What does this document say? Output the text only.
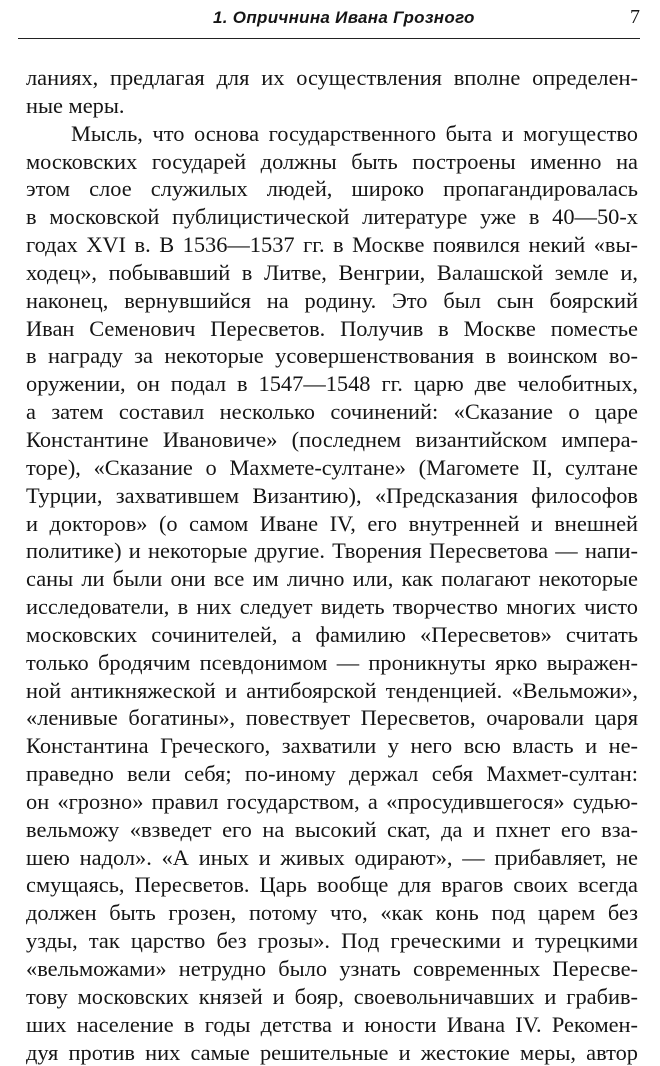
1. Опричнина Ивана Грозного	7
ланиях, предлагая для их осуществления вполне определен-
ные меры.
Мысль, что основа государственного быта и могущество
московских государей должны быть построены именно на
этом слое служилых людей, широко пропагандировалась
в московской публицистической литературе уже в 40—50-х
годах XVI в. В 1536—1537 гг. в Москве появился некий «вы-
ходец», побывавший в Литве, Венгрии, Валашской земле и,
наконец, вернувшийся на родину. Это был сын боярский
Иван Семенович Пересветов. Получив в Москве поместье
в награду за некоторые усовершенствования в воинском во-
оружении, он подал в 1547—1548 гг. царю две челобитных,
а затем составил несколько сочинений: «Сказание о царе
Константине Ивановиче» (последнем византийском импера-
торе), «Сказание о Махмете-султане» (Магомете II, султане
Турции, захватившем Византию), «Предсказания философов
и докторов» (о самом Иване IV, его внутренней и внешней
политике) и некоторые другие. Творения Пересветова — напи-
саны ли были они все им лично или, как полагают некоторые
исследователи, в них следует видеть творчество многих чисто
московских сочинителей, а фамилию «Пересветов» считать
только бродячим псевдонимом — проникнуты ярко выражен-
ной антикняжеской и антибоярской тенденцией. «Вельможи»,
«ленивые богатины», повествует Пересветов, очаровали царя
Константина Греческого, захватили у него всю власть и не-
праведно вели себя; по-иному держал себя Махмет-султан:
он «грозно» правил государством, а «просудившегося» судью-
вельможу «взведет его на высокий скат, да и пхнет его вза-
шею надол». «А иных и живых одирают», — прибавляет, не
смущаясь, Пересветов. Царь вообще для врагов своих всегда
должен быть грозен, потому что, «как конь под царем без
узды, так царство без грозы». Под греческими и турецкими
«вельможами» нетрудно было узнать современных Пересве-
тову московских князей и бояр, своевольничавших и грабив-
ших население в годы детства и юности Ивана IV. Рекомен-
дуя против них самые решительные и жестокие меры, автор
